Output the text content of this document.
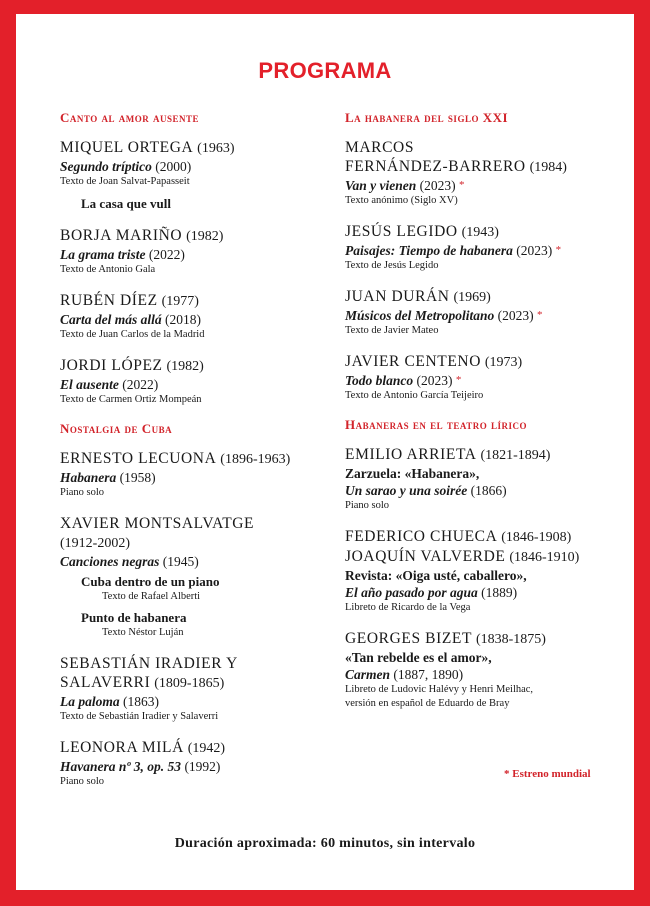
PROGRAMA
Canto al amor ausente
MIQUEL ORTEGA (1963)
Segundo tríptico (2000)
Texto de Joan Salvat-Papasseit
La casa que vull
BORJA MARIÑO (1982)
La grama triste (2022)
Texto de Antonio Gala
RUBÉN DÍEZ (1977)
Carta del más allá (2018)
Texto de Juan Carlos de la Madrid
JORDI LÓPEZ (1982)
El ausente (2022)
Texto de Carmen Ortiz Mompeán
Nostalgia de Cuba
ERNESTO LECUONA (1896-1963)
Habanera (1958)
Piano solo
XAVIER MONTSALVATGE
(1912-2002)
Canciones negras (1945)
Cuba dentro de un piano
Texto de Rafael Alberti
Punto de habanera
Texto Néstor Luján
SEBASTIÁN IRADIER Y
SALAVERRI (1809-1865)
La paloma (1863)
Texto de Sebastián Iradier y Salaverri
LEONORA MILÁ (1942)
Havanera nº 3, op. 53 (1992)
Piano solo
La habanera del siglo XXI
MARCOS
FERNÁNDEZ-BARRERO (1984)
Van y vienen (2023) *
Texto anónimo (Siglo XV)
JESÚS LEGIDO (1943)
Paisajes: Tiempo de habanera (2023) *
Texto de Jesús Legido
JUAN DURÁN (1969)
Músicos del Metropolitano (2023) *
Texto de Javier Mateo
JAVIER CENTENO (1973)
Todo blanco (2023) *
Texto de Antonio García Teijeiro
Habaneras en el teatro lírico
EMILIO ARRIETA (1821-1894)
Zarzuela: «Habanera»,
Un sarao y una soirée (1866)
Piano solo
FEDERICO CHUECA (1846-1908)
JOAQUÍN VALVERDE (1846-1910)
Revista: «Oiga usté, caballero»,
El año pasado por agua (1889)
Libreto de Ricardo de la Vega
GEORGES BIZET (1838-1875)
«Tan rebelde es el amor»,
Carmen (1887, 1890)
Libreto de Ludovic Halévy y Henri Meilhac,
versión en español de Eduardo de Bray
* Estreno mundial
Duración aproximada: 60 minutos, sin intervalo
